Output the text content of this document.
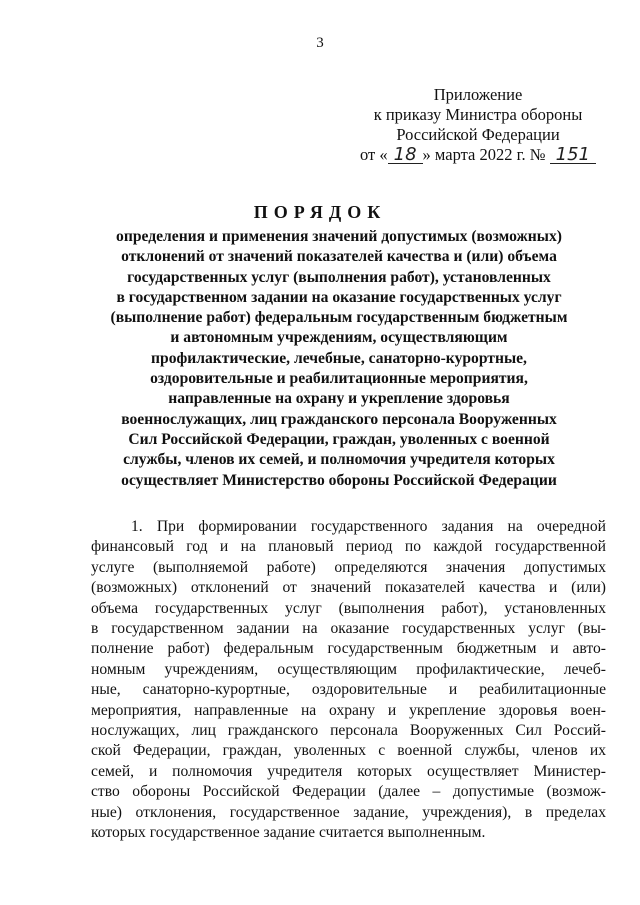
3
Приложение
к приказу Министра обороны
Российской Федерации
от « 18 » марта 2022 г. № 151
ПОРЯДОК
определения и применения значений допустимых (возможных)
отклонений от значений показателей качества и (или) объема
государственных услуг (выполнения работ), установленных
в государственном задании на оказание государственных услуг
(выполнение работ) федеральным государственным бюджетным
и автономным учреждениям, осуществляющим
профилактические, лечебные, санаторно-курортные,
оздоровительные и реабилитационные мероприятия,
направленные на охрану и укрепление здоровья
военнослужащих, лиц гражданского персонала Вооруженных
Сил Российской Федерации, граждан, уволенных с военной
службы, членов их семей, и полномочия учредителя которых
осуществляет Министерство обороны Российской Федерации
1. При формировании государственного задания на очередной
финансовый год и на плановый период по каждой государственной
услуге (выполняемой работе) определяются значения допустимых
(возможных) отклонений от значений показателей качества и (или)
объема государственных услуг (выполнения работ), установленных
в государственном задании на оказание государственных услуг (вы-
полнение работ) федеральным государственным бюджетным и авто-
номным учреждениям, осуществляющим профилактические, лечеб-
ные, санаторно-курортные, оздоровительные и реабилитационные
мероприятия, направленные на охрану и укрепление здоровья воен-
нослужащих, лиц гражданского персонала Вооруженных Сил Россий-
ской Федерации, граждан, уволенных с военной службы, членов их
семей, и полномочия учредителя которых осуществляет Министер-
ство обороны Российской Федерации (далее – допустимые (возмож-
ные) отклонения, государственное задание, учреждения), в пределах
которых государственное задание считается выполненным.
